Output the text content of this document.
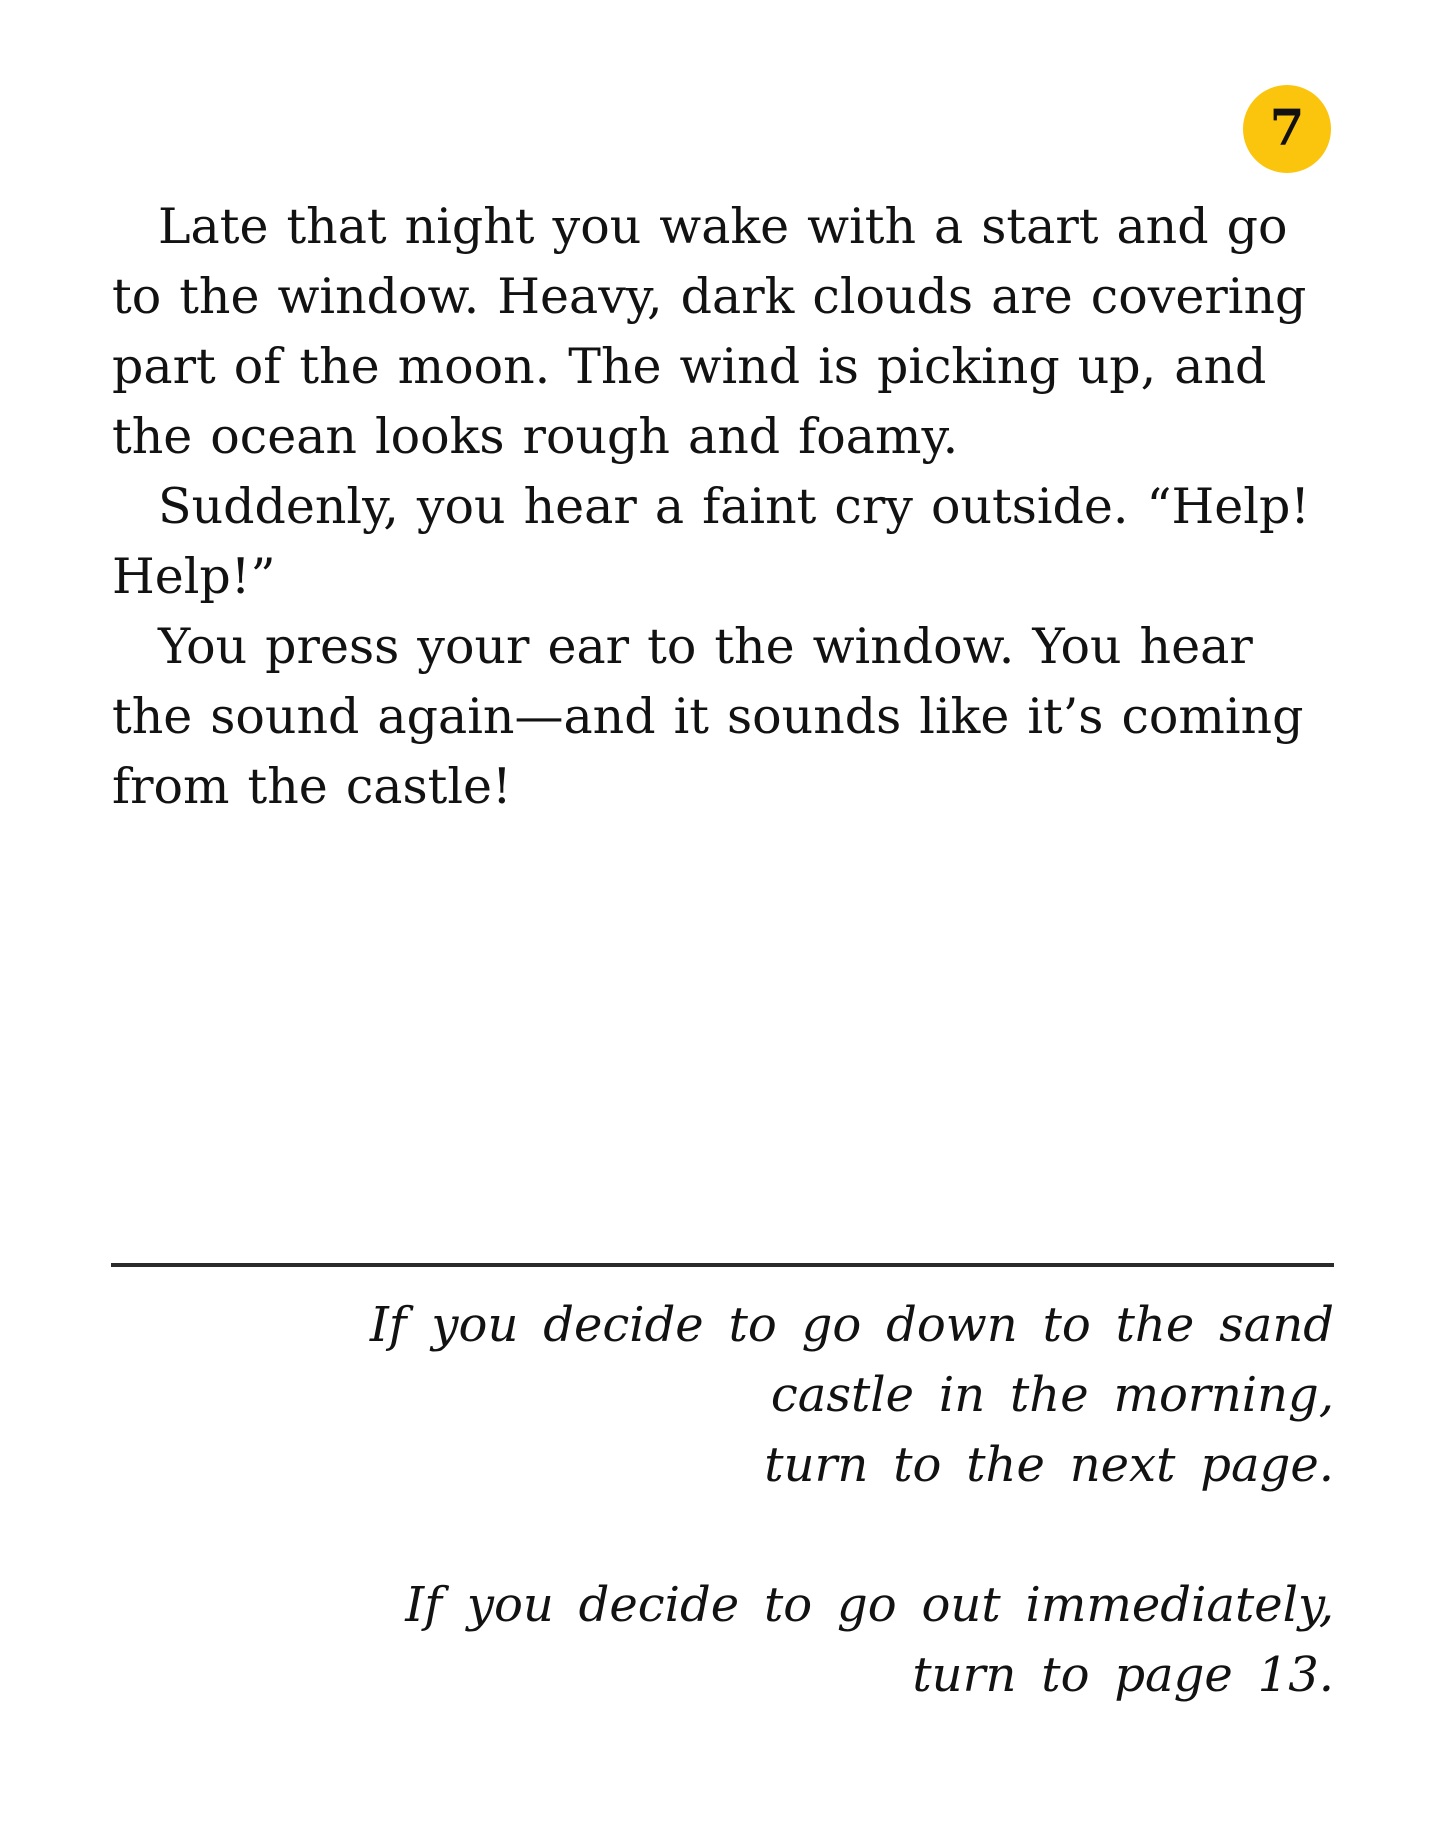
7

Late that night you wake with a start and go

to the window. Heavy, dark clouds are covering

part of the moon. The wind is picking up, and

the ocean looks rough and foamy.

Suddenly, you hear a faint cry outside. “Help!

Help!”

You press your ear to the window. You hear

the sound again—and it sounds like it’s coming

from the castle!

If you decide to go down to the sand

castle in the morning,

turn to the next page.

If you decide to go out immediately,

turn to page 13.
